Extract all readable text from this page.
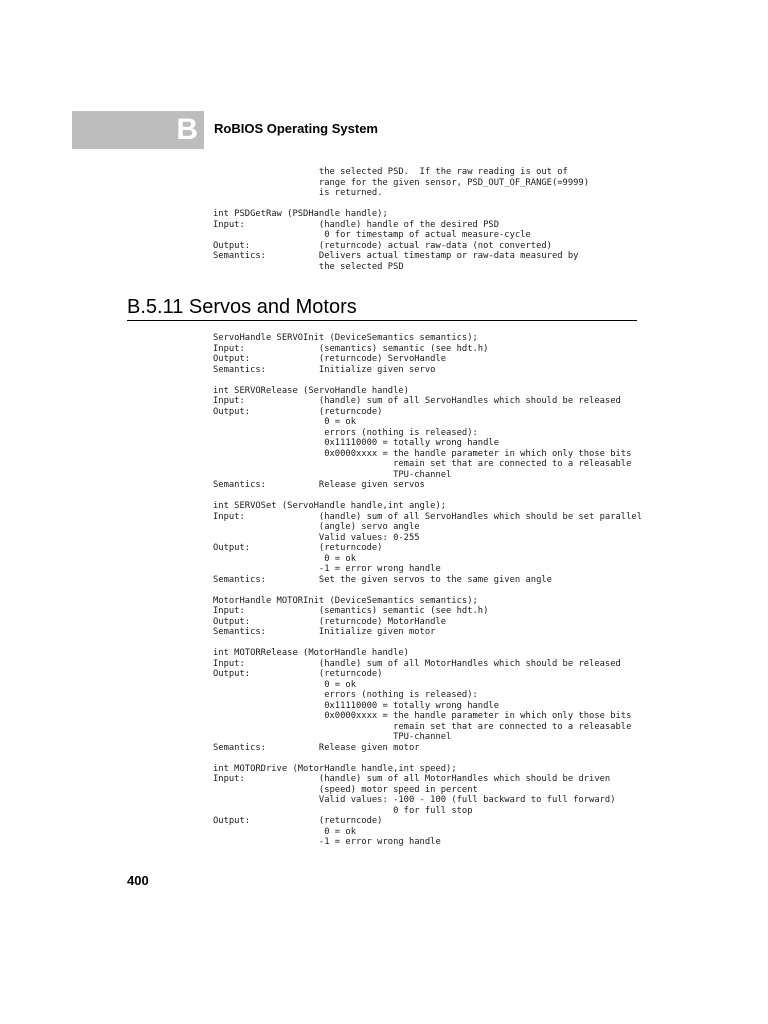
B RoBIOS Operating System
the selected PSD.  If the raw reading is out of
range for the given sensor, PSD_OUT_OF_RANGE(=9999)
is returned.

int PSDGetRaw (PSDHandle handle);
Input:              (handle) handle of the desired PSD
0 for timestamp of actual measure-cycle
Output:             (returncode) actual raw-data (not converted)
Semantics:          Delivers actual timestamp or raw-data measured by
the selected PSD
B.5.11 Servos and Motors
ServoHandle SERVOInit (DeviceSemantics semantics);
Input:              (semantics) semantic (see hdt.h)
Output:             (returncode) ServoHandle
Semantics:          Initialize given servo

int SERVORelease (ServoHandle handle)
Input:              (handle) sum of all ServoHandles which should be released
Output:             (returncode)
0 = ok
errors (nothing is released):
0x11110000 = totally wrong handle
0x0000xxxx = the handle parameter in which only those bits
remain set that are connected to a releasable
TPU-channel
Semantics:          Release given servos

int SERVOSet (ServoHandle handle,int angle);
Input:              (handle) sum of all ServoHandles which should be set parallel
(angle) servo angle
Valid values: 0-255
Output:             (returncode)
0 = ok
-1 = error wrong handle
Semantics:          Set the given servos to the same given angle

MotorHandle MOTORInit (DeviceSemantics semantics);
Input:              (semantics) semantic (see hdt.h)
Output:             (returncode) MotorHandle
Semantics:          Initialize given motor

int MOTORRelease (MotorHandle handle)
Input:              (handle) sum of all MotorHandles which should be released
Output:             (returncode)
0 = ok
errors (nothing is released):
0x11110000 = totally wrong handle
0x0000xxxx = the handle parameter in which only those bits
remain set that are connected to a releasable
TPU-channel
Semantics:          Release given motor

int MOTORDrive (MotorHandle handle,int speed);
Input:              (handle) sum of all MotorHandles which should be driven
(speed) motor speed in percent
Valid values: -100 - 100 (full backward to full forward)
0 for full stop
Output:             (returncode)
0 = ok
-1 = error wrong handle
400
